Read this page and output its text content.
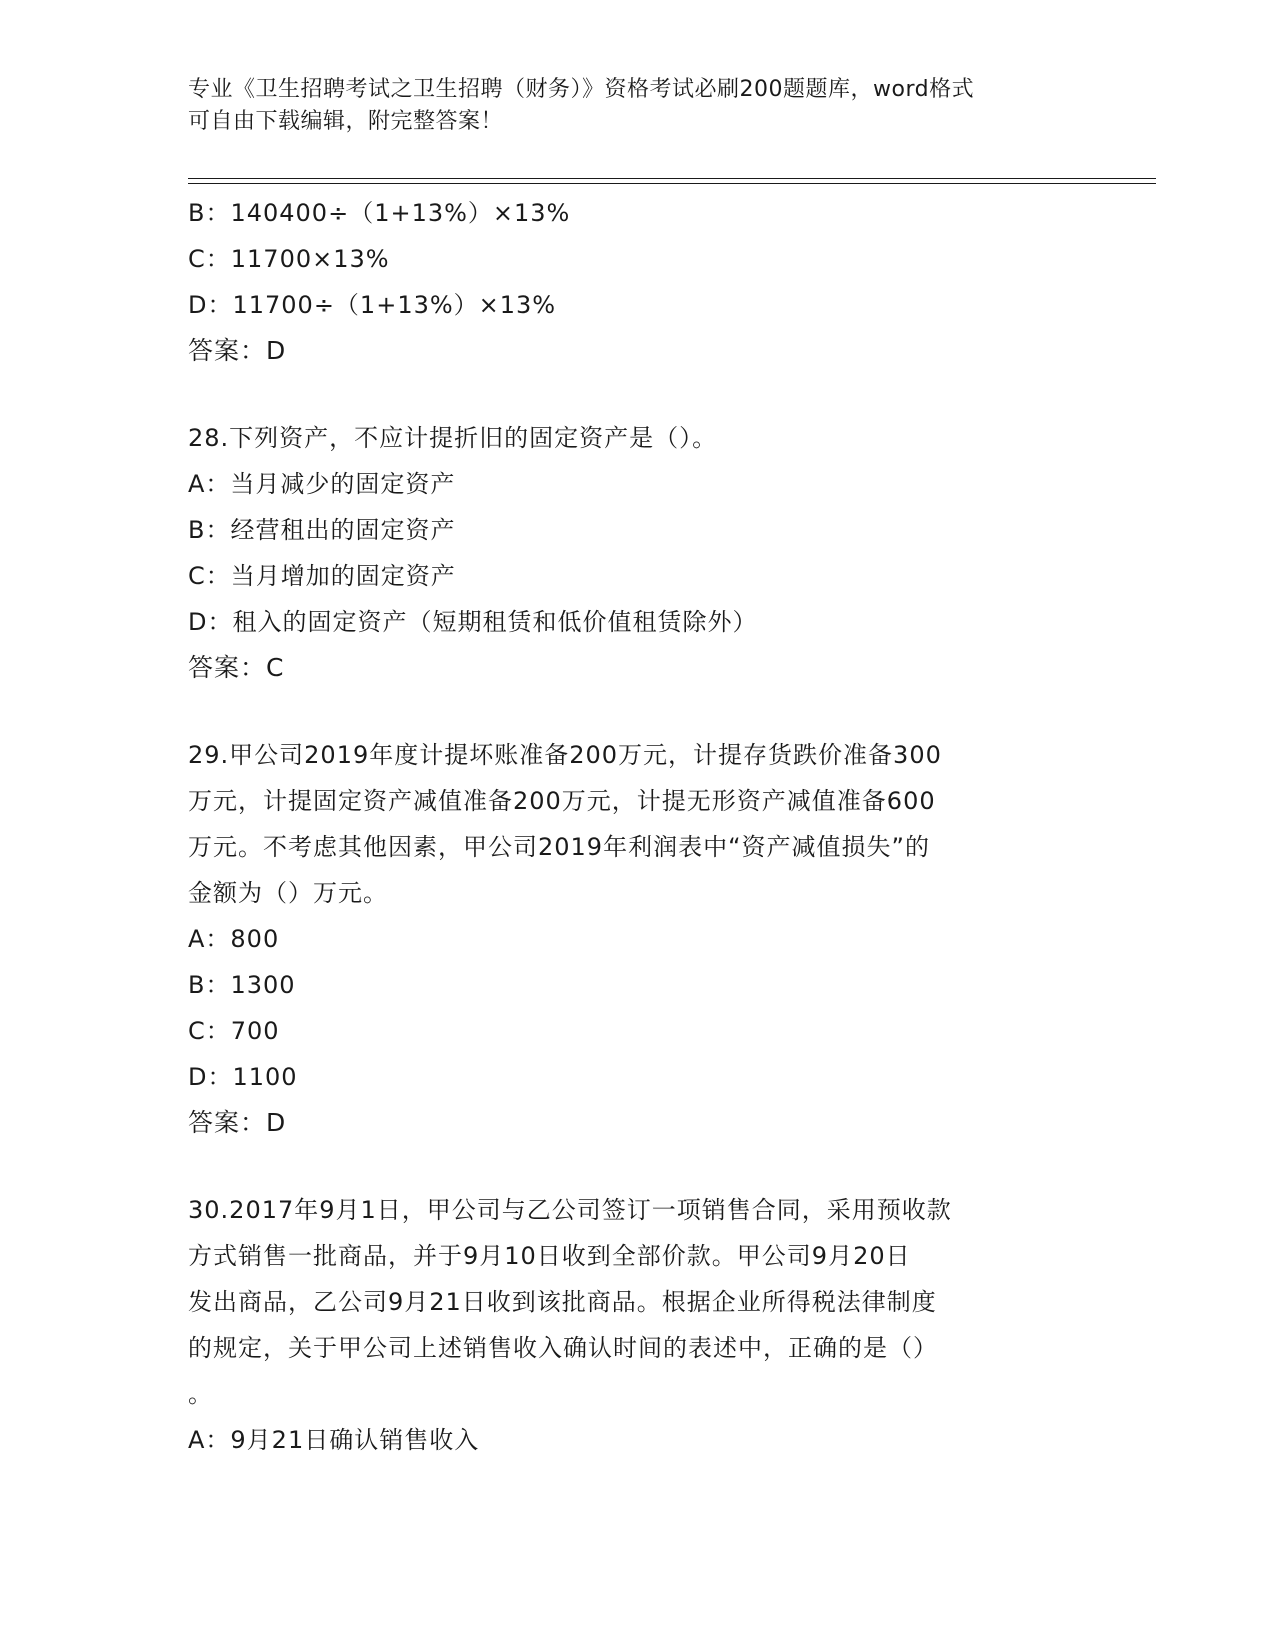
专业《卫生招聘考试之卫生招聘（财务）》资格考试必刷200题题库，word格式
可自由下载编辑，附完整答案！
B：140400÷（1+13%）×13%
C：11700×13%
D：11700÷（1+13%）×13%
答案：D
28.下列资产，不应计提折旧的固定资产是（）。
A：当月减少的固定资产
B：经营租出的固定资产
C：当月增加的固定资产
D：租入的固定资产（短期租赁和低价值租赁除外）
答案：C
29.甲公司2019年度计提坏账准备200万元，计提存货跌价准备300
万元，计提固定资产减值准备200万元，计提无形资产减值准备600
万元。不考虑其他因素，甲公司2019年利润表中“资产减值损失”的
金额为（）万元。
A：800
B：1300
C：700
D：1100
答案：D
30.2017年9月1日，甲公司与乙公司签订一项销售合同，采用预收款
方式销售一批商品，并于9月10日收到全部价款。甲公司9月20日
发出商品，乙公司9月21日收到该批商品。根据企业所得税法律制度
的规定，关于甲公司上述销售收入确认时间的表述中，正确的是（）
。
A：9月21日确认销售收入
